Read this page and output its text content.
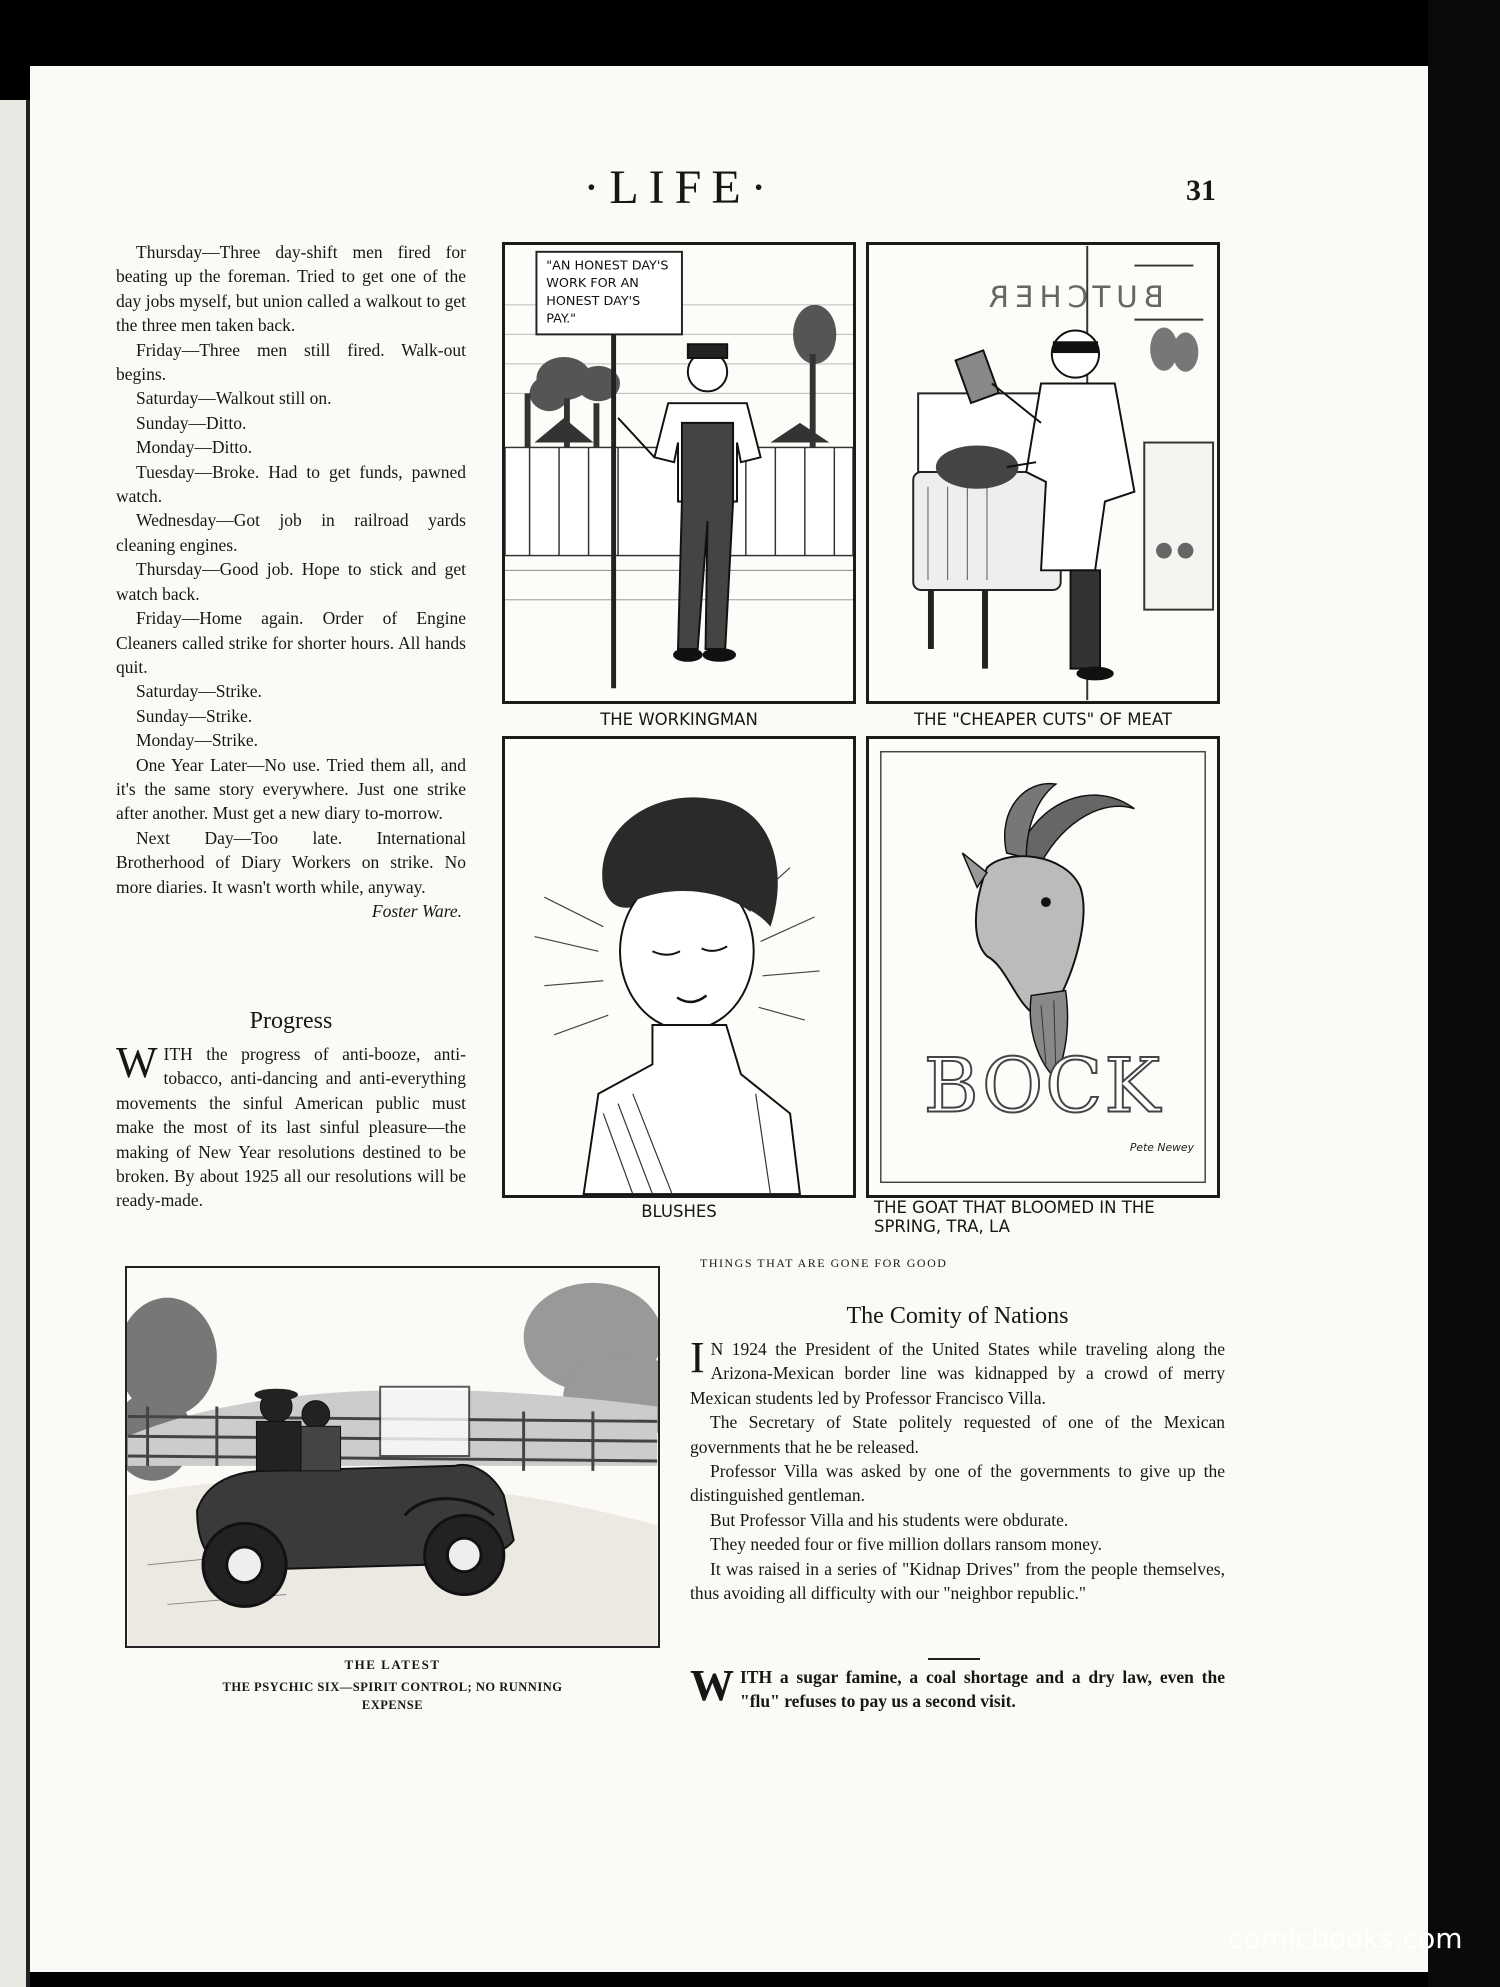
·LIFE·	31

Thursday—Three day-shift men fired for beating up the foreman. Tried to get one of the day jobs myself, but union called a walkout to get the three men taken back.

Friday—Three men still fired. Walk-out begins.

Saturday—Walkout still on.

Sunday—Ditto.

Monday—Ditto.

Tuesday—Broke. Had to get funds, pawned watch.

Wednesday—Got job in railroad yards cleaning engines.

Thursday—Good job. Hope to stick and get watch back.

Friday—Home again. Order of Engine Cleaners called strike for shorter hours. All hands quit.

Saturday—Strike.

Sunday—Strike.

Monday—Strike.

One Year Later—No use. Tried them all, and it's the same story everywhere. Just one strike after another. Must get a new diary to-morrow.

Next Day—Too late. International Brotherhood of Diary Workers on strike. No more diaries. It wasn't worth while, anyway.

Foster Ware.

Progress

W ITH the progress of anti-booze, anti-tobacco, anti-dancing and anti-everything movements the sinful American public must make the most of its last sinful pleasure—the making of New Year resolutions destined to be broken. By about 1925 all our resolutions will be ready-made.
"AN HONEST DAY'S
WORK FOR AN
HONEST DAY'S
PAY."
THE WORKINGMAN
BUTCHER
THE "CHEAPER CUTS" OF MEAT
BLUSHES
BOCK
Pete Newey
THE GOAT THAT BLOOMED IN THE
SPRING, TRA, LA
THINGS THAT ARE GONE FOR GOOD
THE LATEST
THE PSYCHIC SIX—SPIRIT CONTROL; NO RUNNING
EXPENSE

The Comity of Nations

I N 1924 the President of the United States while traveling along the Arizona-Mexican border line was kidnapped by a crowd of merry Mexican students led by Professor Francisco Villa.

The Secretary of State politely requested of one of the Mexican governments that he be released.

Professor Villa was asked by one of the governments to give up the distinguished gentleman.

But Professor Villa and his students were obdurate.

They needed four or five million dollars ransom money.

It was raised in a series of "Kidnap Drives" from the people themselves, thus avoiding all difficulty with our "neighbor republic."

W ITH a sugar famine, a coal shortage and a dry law, even the "flu" refuses to pay us a second visit.
comicbooks.com
